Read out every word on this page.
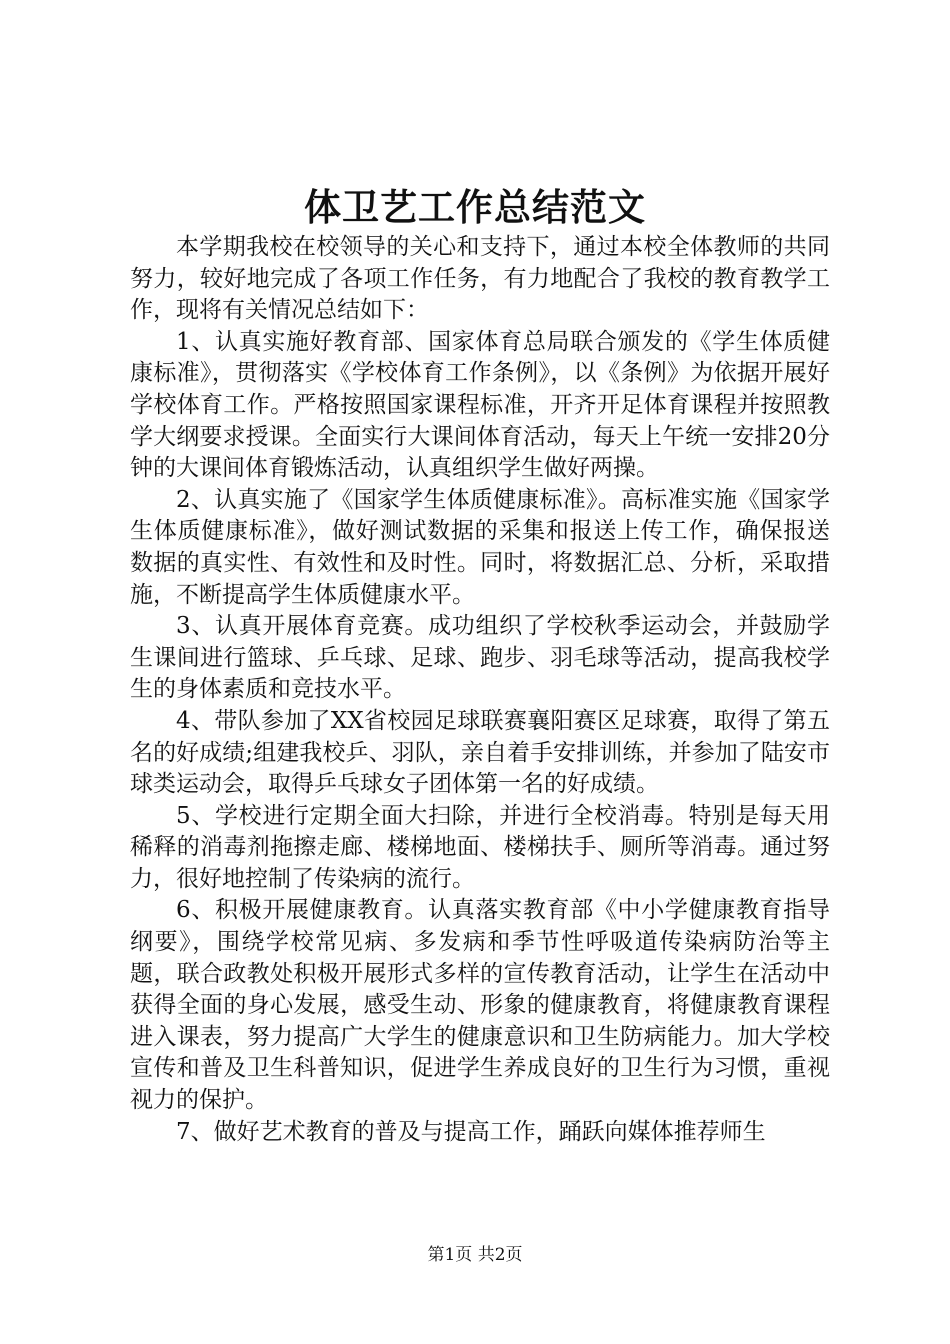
体卫艺工作总结范文

本学期我校在校领导的关心和支持下，通过本校全体教师的共同努力，较好地完成了各项工作任务，有力地配合了我校的教育教学工作，现将有关情况总结如下：

1、认真实施好教育部、国家体育总局联合颁发的《学生体质健康标准》，贯彻落实《学校体育工作条例》，以《条例》为依据开展好学校体育工作。严格按照国家课程标准，开齐开足体育课程并按照教学大纲要求授课。全面实行大课间体育活动，每天上午统一安排20分钟的大课间体育锻炼活动，认真组织学生做好两操。

2、认真实施了《国家学生体质健康标准》。高标准实施《国家学生体质健康标准》，做好测试数据的采集和报送上传工作，确保报送数据的真实性、有效性和及时性。同时，将数据汇总、分析，采取措施，不断提高学生体质健康水平。

3、认真开展体育竞赛。成功组织了学校秋季运动会，并鼓励学生课间进行篮球、乒乓球、足球、跑步、羽毛球等活动，提高我校学生的身体素质和竞技水平。

4、带队参加了XX省校园足球联赛襄阳赛区足球赛，取得了第五名的好成绩;组建我校乒、羽队，亲自着手安排训练，并参加了陆安市球类运动会，取得乒乓球女子团体第一名的好成绩。

5、学校进行定期全面大扫除，并进行全校消毒。特别是每天用稀释的消毒剂拖擦走廊、楼梯地面、楼梯扶手、厕所等消毒。通过努力，很好地控制了传染病的流行。

6、积极开展健康教育。认真落实教育部《中小学健康教育指导纲要》，围绕学校常见病、多发病和季节性呼吸道传染病防治等主题，联合政教处积极开展形式多样的宣传教育活动，让学生在活动中获得全面的身心发展，感受生动、形象的健康教育，将健康教育课程进入课表，努力提高广大学生的健康意识和卫生防病能力。加大学校宣传和普及卫生科普知识，促进学生养成良好的卫生行为习惯，重视视力的保护。

7、做好艺术教育的普及与提高工作，踊跃向媒体推荐师生

第1页 共2页
